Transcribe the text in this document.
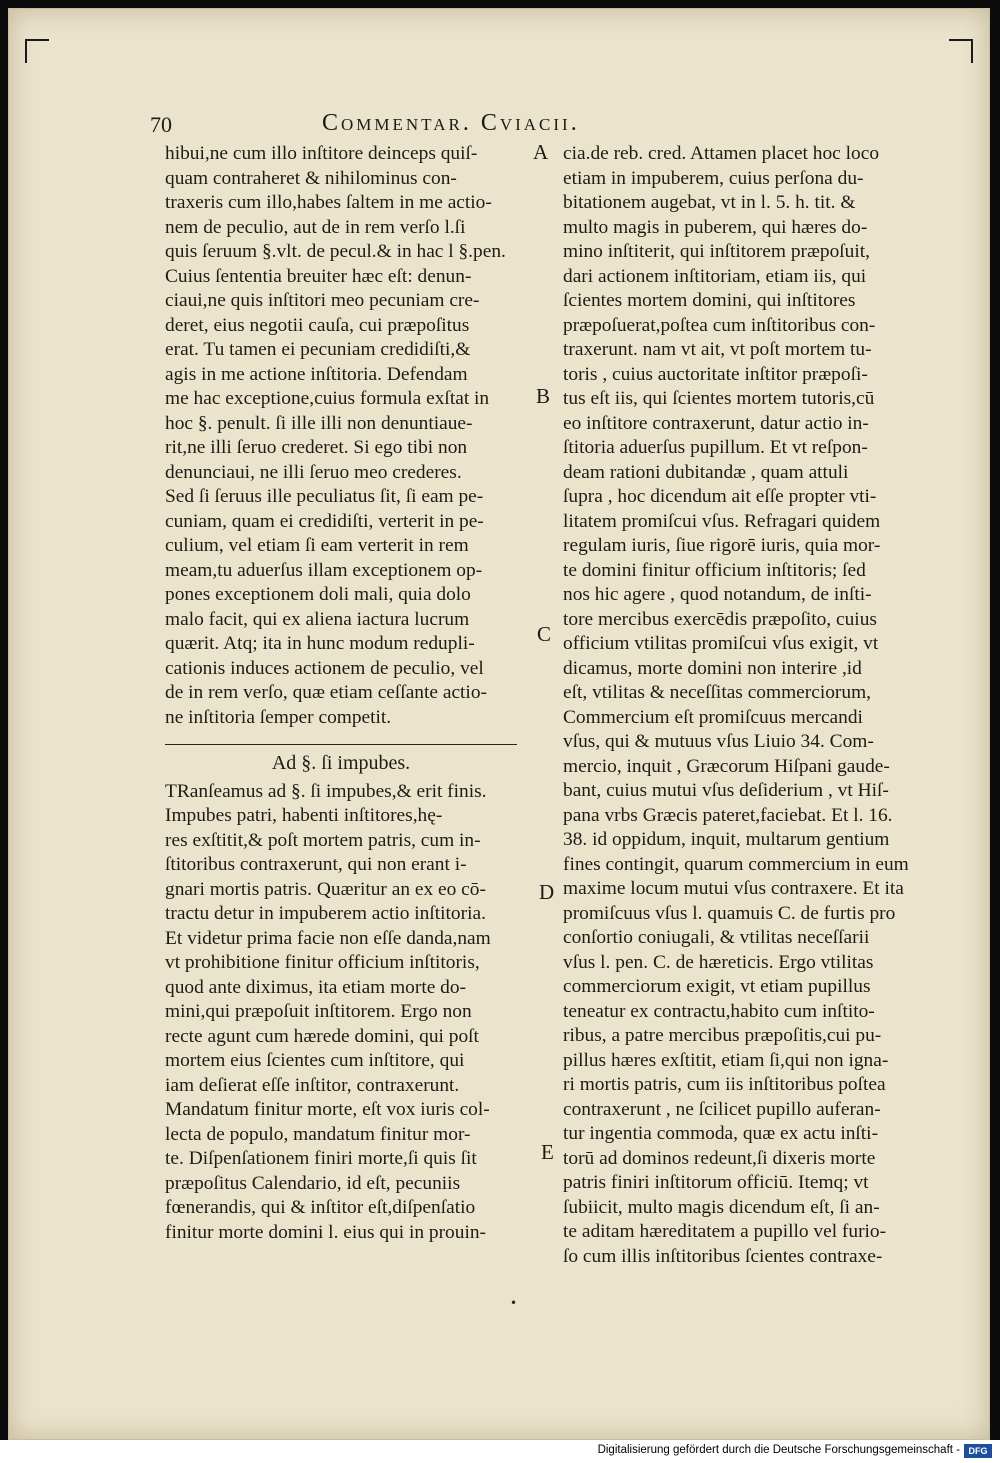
70	Commentar. Cviacii.
A
B
C
D
E
hibui,ne cum illo inſtitore deinceps quiſ-
quam contraheret & nihilominus con-
traxeris cum illo,habes ſaltem in me actio-
nem de peculio, aut de in rem verſo l.ſi
quis ſeruum §.vlt. de pecul.& in hac l §.pen.
Cuius ſententia breuiter hæc eſt: denun-
ciaui,ne quis inſtitori meo pecuniam cre-
deret, eius negotii cauſa, cui præpoſitus
erat. Tu tamen ei pecuniam credidiſti,&
agis in me actione inſtitoria. Defendam
me hac exceptione,cuius formula exſtat in
hoc §. penult. ſi ille illi non denuntiaue-
rit,ne illi ſeruo crederet. Si ego tibi non
denunciaui, ne illi ſeruo meo crederes.
Sed ſi ſeruus ille peculiatus ſit, ſi eam pe-
cuniam, quam ei credidiſti, verterit in pe-
culium, vel etiam ſi eam verterit in rem
meam,tu aduerſus illam exceptionem op-
pones exceptionem doli mali, quia dolo
malo facit, qui ex aliena iactura lucrum
quærit. Atq; ita in hunc modum redupli-
cationis induces actionem de peculio, vel
de in rem verſo, quæ etiam ceſſante actio-
ne inſtitoria ſemper competit.
Ad §. ſi impubes.
TRanſeamus ad §. ſi impubes,& erit finis.
Impubes patri, habenti inſtitores,hę-
res exſtitit,& poſt mortem patris, cum in-
ſtitoribus contraxerunt, qui non erant i-
gnari mortis patris. Quæritur an ex eo cō-
tractu detur in impuberem actio inſtitoria.
Et videtur prima facie non eſſe danda,nam
vt prohibitione finitur officium inſtitoris,
quod ante diximus, ita etiam morte do-
mini,qui præpoſuit inſtitorem. Ergo non
recte agunt cum hærede domini, qui poſt
mortem eius ſcientes cum inſtitore, qui
iam deſierat eſſe inſtitor, contraxerunt.
Mandatum finitur morte, eſt vox iuris col-
lecta de populo, mandatum finitur mor-
te. Diſpenſationem finiri morte,ſi quis ſit
præpoſitus Calendario, id eſt, pecuniis
fœnerandis, qui & inſtitor eſt,diſpenſatio
finitur morte domini l. eius qui in prouin-
cia.de reb. cred. Attamen placet hoc loco
etiam in impuberem, cuius perſona du-
bitationem augebat, vt in l. 5. h. tit. &
multo magis in puberem, qui hæres do-
mino inſtiterit, qui inſtitorem præpoſuit,
dari actionem inſtitoriam, etiam iis, qui
ſcientes mortem domini, qui inſtitores
præpoſuerat,poſtea cum inſtitoribus con-
traxerunt. nam vt ait, vt poſt mortem tu-
toris , cuius auctoritate inſtitor præpoſi-
tus eſt iis, qui ſcientes mortem tutoris,cū
eo inſtitore contraxerunt, datur actio in-
ſtitoria aduerſus pupillum. Et vt reſpon-
deam rationi dubitandæ , quam attuli
ſupra , hoc dicendum ait eſſe propter vti-
litatem promiſcui vſus. Refragari quidem
regulam iuris, ſiue rigorē iuris, quia mor-
te domini finitur officium inſtitoris; ſed
nos hic agere , quod notandum, de inſti-
tore mercibus exercēdis præpoſito, cuius
officium vtilitas promiſcui vſus exigit, vt
dicamus, morte domini non interire ,id
eſt, vtilitas & neceſſitas commerciorum,
Commercium eſt promiſcuus mercandi
vſus, qui & mutuus vſus Liuio 34. Com-
mercio, inquit , Græcorum Hiſpani gaude-
bant, cuius mutui vſus deſiderium , vt Hiſ-
pana vrbs Græcis pateret,faciebat. Et l. 16.
38. id oppidum, inquit, multarum gentium
fines contingit, quarum commercium in eum
maxime locum mutui vſus contraxere. Et ita
promiſcuus vſus l. quamuis C. de furtis pro
conſortio coniugali, & vtilitas neceſſarii
vſus l. pen. C. de hæreticis. Ergo vtilitas
commerciorum exigit, vt etiam pupillus
teneatur ex contractu,habito cum inſtito-
ribus, a patre mercibus præpoſitis,cui pu-
pillus hæres exſtitit, etiam ſi,qui non igna-
ri mortis patris, cum iis inſtitoribus poſtea
contraxerunt , ne ſcilicet pupillo auferan-
tur ingentia commoda, quæ ex actu inſti-
torū ad dominos redeunt,ſi dixeris morte
patris finiri inſtitorum officiū. Itemq; vt
ſubiicit, multo magis dicendum eſt, ſi an-
te aditam hæreditatem a pupillo vel furio-
ſo cum illis inſtitoribus ſcientes contraxe-
•
Digitalisierung gefördert durch die Deutsche Forschungsgemeinschaft - DFG
